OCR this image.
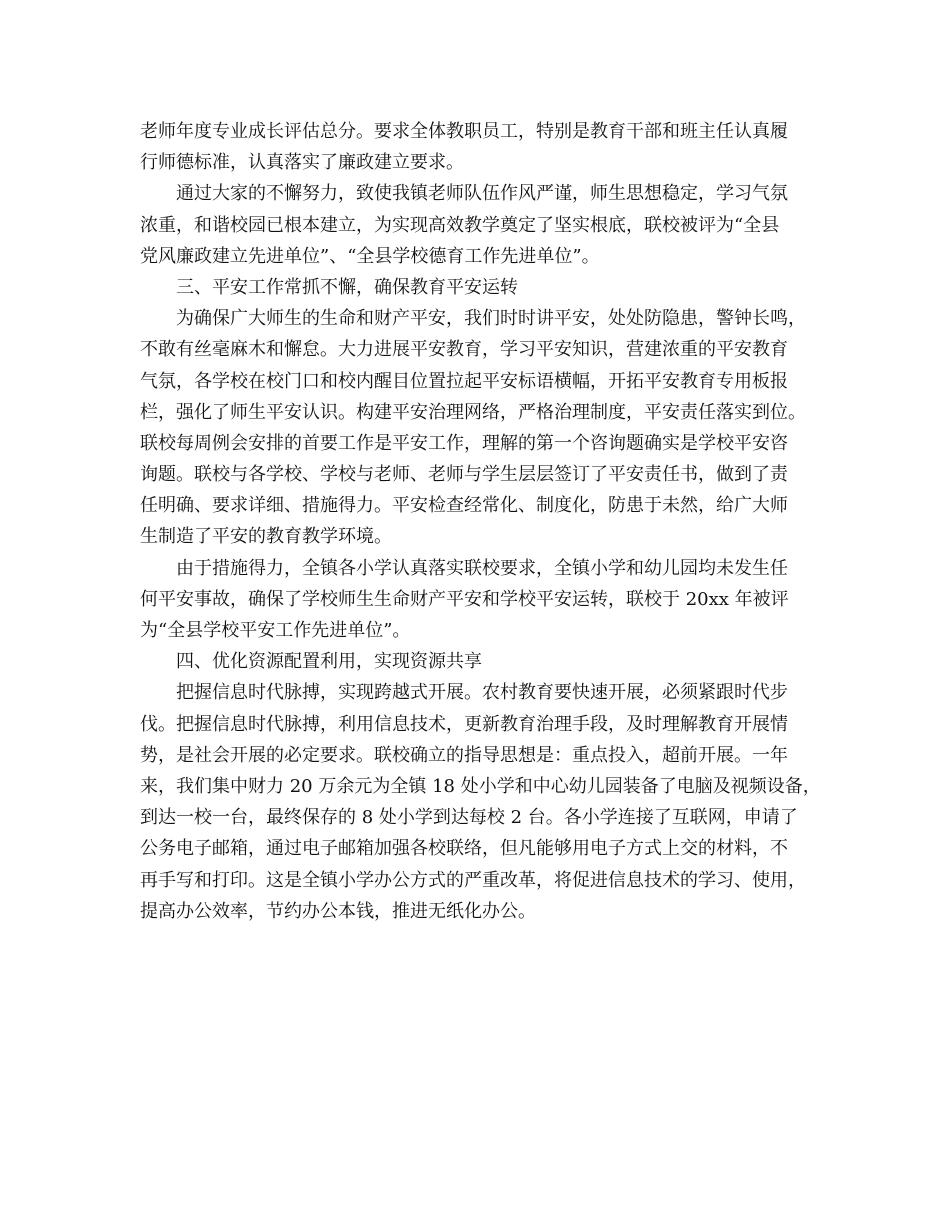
老师年度专业成长评估总分。要求全体教职员工，特别是教育干部和班主任认真履
行师德标准，认真落实了廉政建立要求。
通过大家的不懈努力，致使我镇老师队伍作风严谨，师生思想稳定，学习气氛
浓重，和谐校园已根本建立，为实现高效教学奠定了坚实根底，联校被评为“全县
党风廉政建立先进单位”、“全县学校德育工作先进单位”。
三、平安工作常抓不懈，确保教育平安运转
为确保广大师生的生命和财产平安，我们时时讲平安，处处防隐患，警钟长鸣，
不敢有丝毫麻木和懈怠。大力进展平安教育，学习平安知识，营建浓重的平安教育
气氛，各学校在校门口和校内醒目位置拉起平安标语横幅，开拓平安教育专用板报
栏，强化了师生平安认识。构建平安治理网络，严格治理制度，平安责任落实到位。
联校每周例会安排的首要工作是平安工作，理解的第一个咨询题确实是学校平安咨
询题。联校与各学校、学校与老师、老师与学生层层签订了平安责任书，做到了责
任明确、要求详细、措施得力。平安检查经常化、制度化，防患于未然，给广大师
生制造了平安的教育教学环境。
由于措施得力，全镇各小学认真落实联校要求，全镇小学和幼儿园均未发生任
何平安事故，确保了学校师生生命财产平安和学校平安运转，联校于 20xx 年被评
为“全县学校平安工作先进单位”。
四、优化资源配置利用，实现资源共享
把握信息时代脉搏，实现跨越式开展。农村教育要快速开展，必须紧跟时代步
伐。把握信息时代脉搏，利用信息技术，更新教育治理手段，及时理解教育开展情
势，是社会开展的必定要求。联校确立的指导思想是：重点投入，超前开展。一年
来，我们集中财力 20 万余元为全镇 18 处小学和中心幼儿园装备了电脑及视频设备，
到达一校一台，最终保存的 8 处小学到达每校 2 台。各小学连接了互联网，申请了
公务电子邮箱，通过电子邮箱加强各校联络，但凡能够用电子方式上交的材料，不
再手写和打印。这是全镇小学办公方式的严重改革，将促进信息技术的学习、使用，
提高办公效率，节约办公本钱，推进无纸化办公。
